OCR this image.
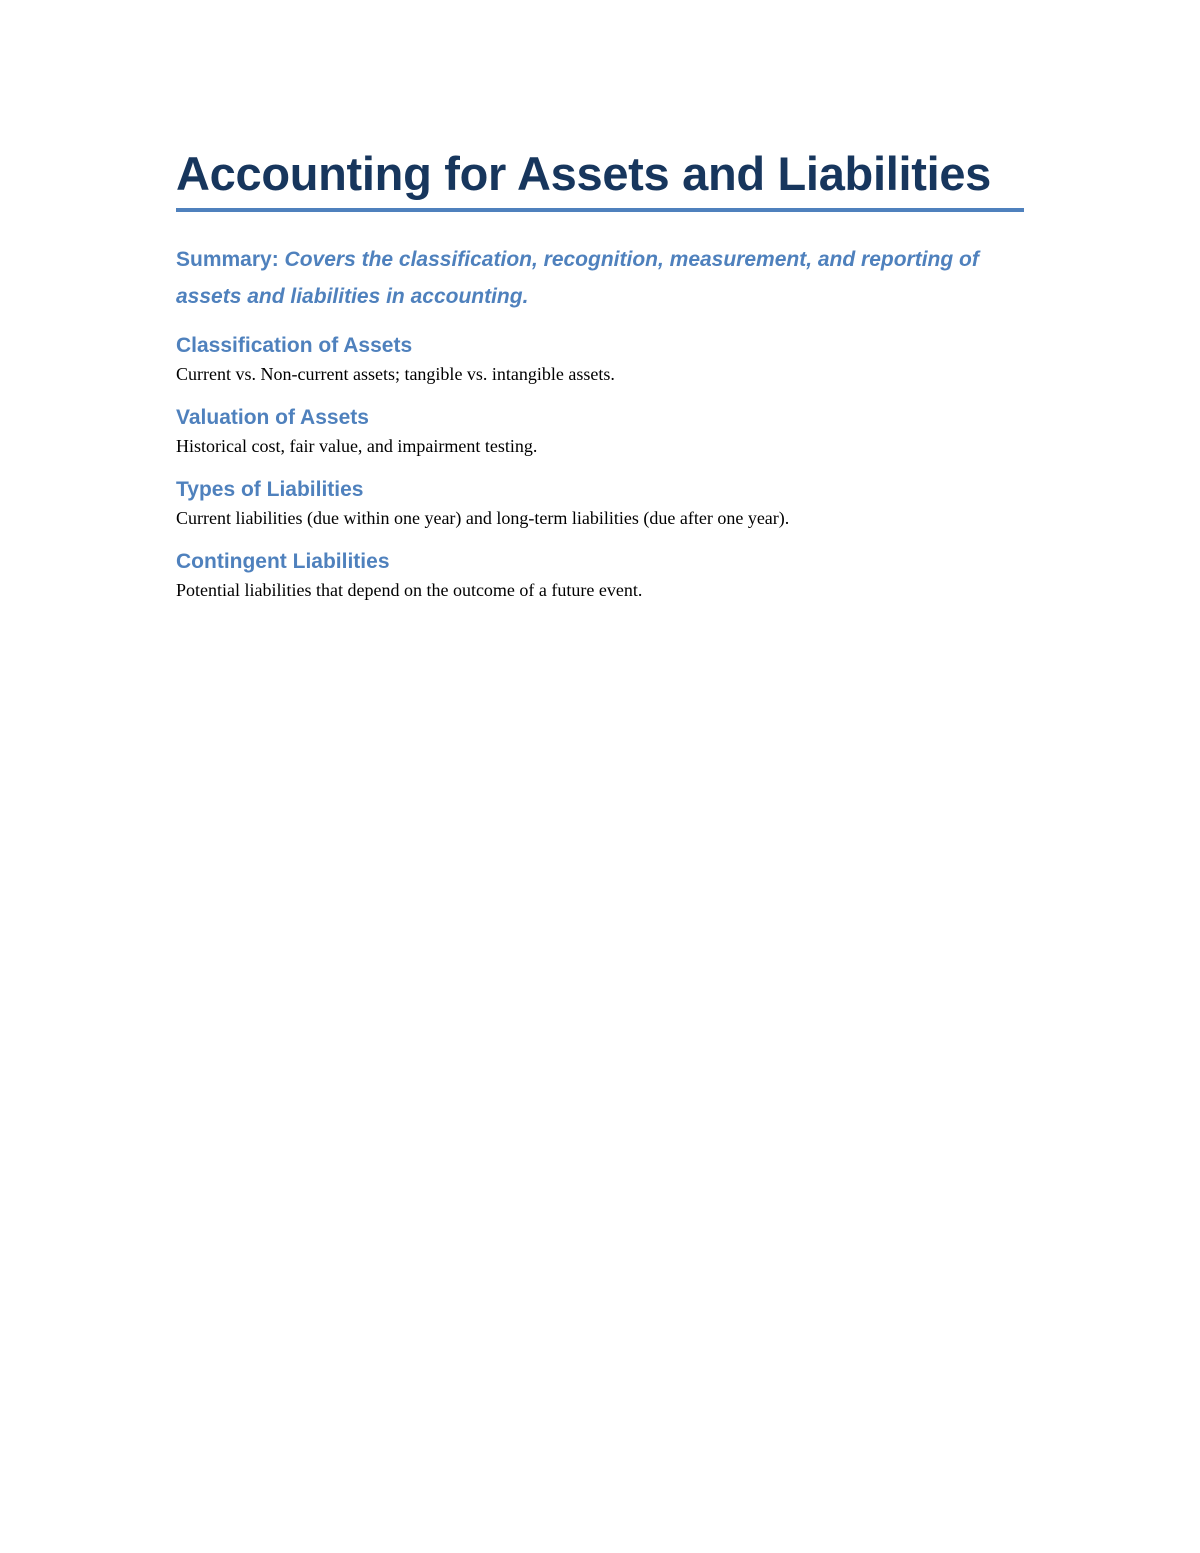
Accounting for Assets and Liabilities
Summary: Covers the classification, recognition, measurement, and reporting of assets and liabilities in accounting.
Classification of Assets

Current vs. Non-current assets; tangible vs. intangible assets.

Valuation of Assets

Historical cost, fair value, and impairment testing.

Types of Liabilities

Current liabilities (due within one year) and long-term liabilities (due after one year).

Contingent Liabilities

Potential liabilities that depend on the outcome of a future event.
